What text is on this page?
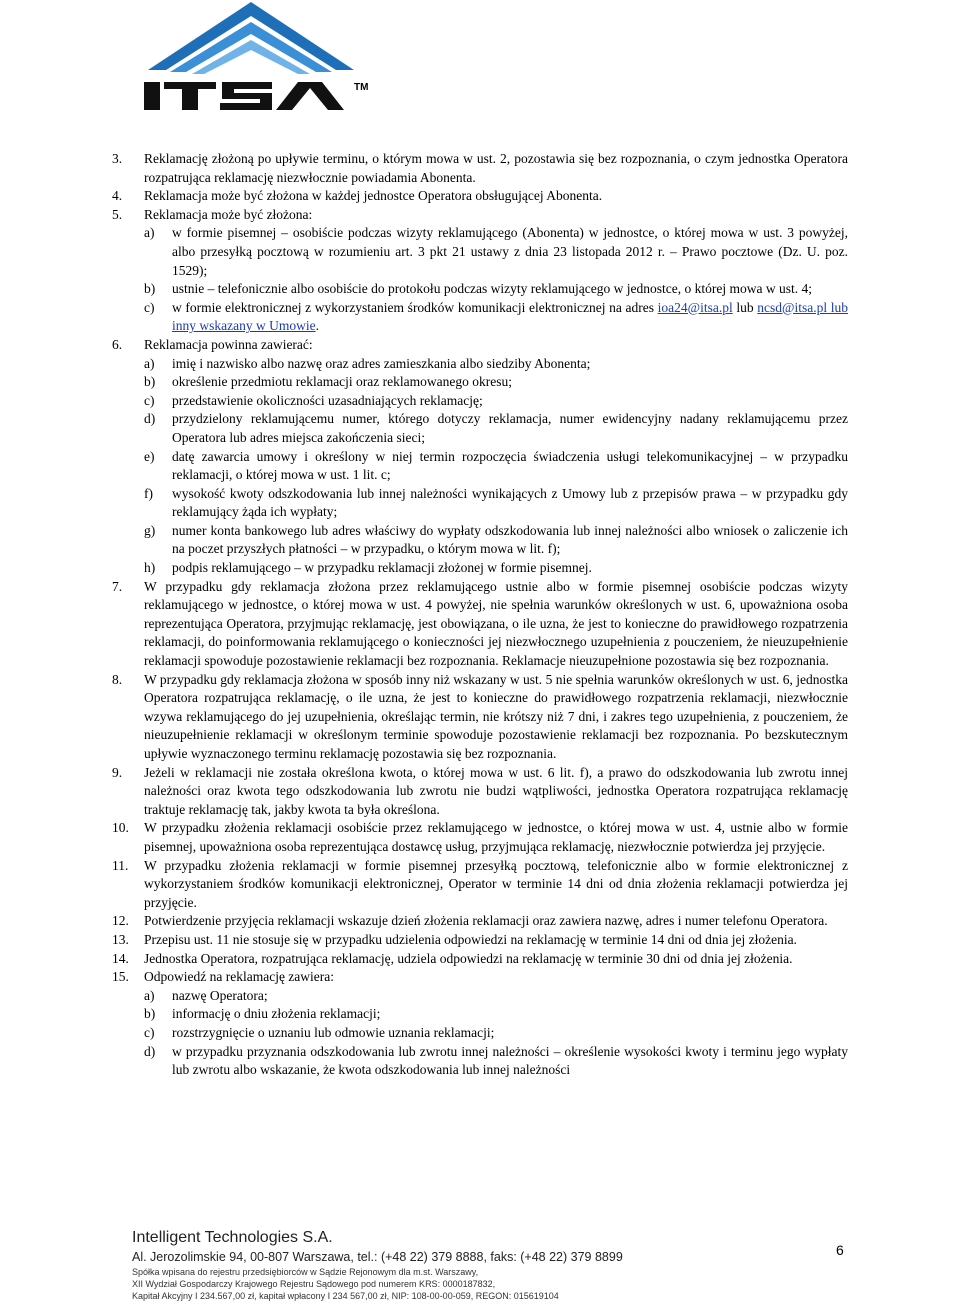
TM
3. Reklamację złożoną po upływie terminu, o którym mowa w ust. 2, pozostawia się bez rozpoznania, o czym jednostka Operatora rozpatrująca reklamację niezwłocznie powiadamia Abonenta.
4. Reklamacja może być złożona w każdej jednostce Operatora obsługującej Abonenta.
5. Reklamacja może być złożona:
a) w formie pisemnej – osobiście podczas wizyty reklamującego (Abonenta) w jednostce, o której mowa w ust. 3 powyżej, albo przesyłką pocztową w rozumieniu art. 3 pkt 21 ustawy z dnia 23 listopada 2012 r. – Prawo pocztowe (Dz. U. poz. 1529);
b) ustnie – telefonicznie albo osobiście do protokołu podczas wizyty reklamującego w jednostce, o której mowa w ust. 4;
c) w formie elektronicznej z wykorzystaniem środków komunikacji elektronicznej na adres ioa24@itsa.pl lub ncsd@itsa.pl lub inny wskazany w Umowie.
6. Reklamacja powinna zawierać:
a) imię i nazwisko albo nazwę oraz adres zamieszkania albo siedziby Abonenta;
b) określenie przedmiotu reklamacji oraz reklamowanego okresu;
c) przedstawienie okoliczności uzasadniających reklamację;
d) przydzielony reklamującemu numer, którego dotyczy reklamacja, numer ewidencyjny nadany reklamującemu przez Operatora lub adres miejsca zakończenia sieci;
e) datę zawarcia umowy i określony w niej termin rozpoczęcia świadczenia usługi telekomunikacyjnej – w przypadku reklamacji, o której mowa w ust. 1 lit. c;
f) wysokość kwoty odszkodowania lub innej należności wynikających z Umowy lub z przepisów prawa – w przypadku gdy reklamujący żąda ich wypłaty;
g) numer konta bankowego lub adres właściwy do wypłaty odszkodowania lub innej należności albo wniosek o zaliczenie ich na poczet przyszłych płatności – w przypadku, o którym mowa w lit. f);
h) podpis reklamującego – w przypadku reklamacji złożonej w formie pisemnej.
7. W przypadku gdy reklamacja złożona przez reklamującego ustnie albo w formie pisemnej osobiście podczas wizyty reklamującego w jednostce, o której mowa w ust. 4 powyżej, nie spełnia warunków określonych w ust. 6, upoważniona osoba reprezentująca Operatora, przyjmując reklamację, jest obowiązana, o ile uzna, że jest to konieczne do prawidłowego rozpatrzenia reklamacji, do poinformowania reklamującego o konieczności jej niezwłocznego uzupełnienia z pouczeniem, że nieuzupełnienie reklamacji spowoduje pozostawienie reklamacji bez rozpoznania. Reklamacje nieuzupełnione pozostawia się bez rozpoznania.
8. W przypadku gdy reklamacja złożona w sposób inny niż wskazany w ust. 5 nie spełnia warunków określonych w ust. 6, jednostka Operatora rozpatrująca reklamację, o ile uzna, że jest to konieczne do prawidłowego rozpatrzenia reklamacji, niezwłocznie wzywa reklamującego do jej uzupełnienia, określając termin, nie krótszy niż 7 dni, i zakres tego uzupełnienia, z pouczeniem, że nieuzupełnienie reklamacji w określonym terminie spowoduje pozostawienie reklamacji bez rozpoznania. Po bezskutecznym upływie wyznaczonego terminu reklamację pozostawia się bez rozpoznania.
9. Jeżeli w reklamacji nie została określona kwota, o której mowa w ust. 6 lit. f), a prawo do odszkodowania lub zwrotu innej należności oraz kwota tego odszkodowania lub zwrotu nie budzi wątpliwości, jednostka Operatora rozpatrująca reklamację traktuje reklamację tak, jakby kwota ta była określona.
10. W przypadku złożenia reklamacji osobiście przez reklamującego w jednostce, o której mowa w ust. 4, ustnie albo w formie pisemnej, upoważniona osoba reprezentująca dostawcę usług, przyjmująca reklamację, niezwłocznie potwierdza jej przyjęcie.
11. W przypadku złożenia reklamacji w formie pisemnej przesyłką pocztową, telefonicznie albo w formie elektronicznej z wykorzystaniem środków komunikacji elektronicznej, Operator w terminie 14 dni od dnia złożenia reklamacji potwierdza jej przyjęcie.
12. Potwierdzenie przyjęcia reklamacji wskazuje dzień złożenia reklamacji oraz zawiera nazwę, adres i numer telefonu Operatora.
13. Przepisu ust. 11 nie stosuje się w przypadku udzielenia odpowiedzi na reklamację w terminie 14 dni od dnia jej złożenia.
14. Jednostka Operatora, rozpatrująca reklamację, udziela odpowiedzi na reklamację w terminie 30 dni od dnia jej złożenia.
15. Odpowiedź na reklamację zawiera:
a) nazwę Operatora;
b) informację o dniu złożenia reklamacji;
c) rozstrzygnięcie o uznaniu lub odmowie uznania reklamacji;
d) w przypadku przyznania odszkodowania lub zwrotu innej należności – określenie wysokości kwoty i terminu jego wypłaty lub zwrotu albo wskazanie, że kwota odszkodowania lub innej należności
Intelligent Technologies S.A.
Al. Jerozolimskie 94, 00-807 Warszawa, tel.: (+48 22) 379 8888, faks: (+48 22) 379 8899
Spółka wpisana do rejestru przedsiębiorców w Sądzie Rejonowym dla m.st. Warszawy,
XII Wydział Gospodarczy Krajowego Rejestru Sądowego pod numerem KRS: 0000187832,
Kapitał Akcyjny I 234.567,00 zł, kapitał wpłacony I 234 567,00 zł, NIP: 108-00-00-059, REGON: 015619104
6
